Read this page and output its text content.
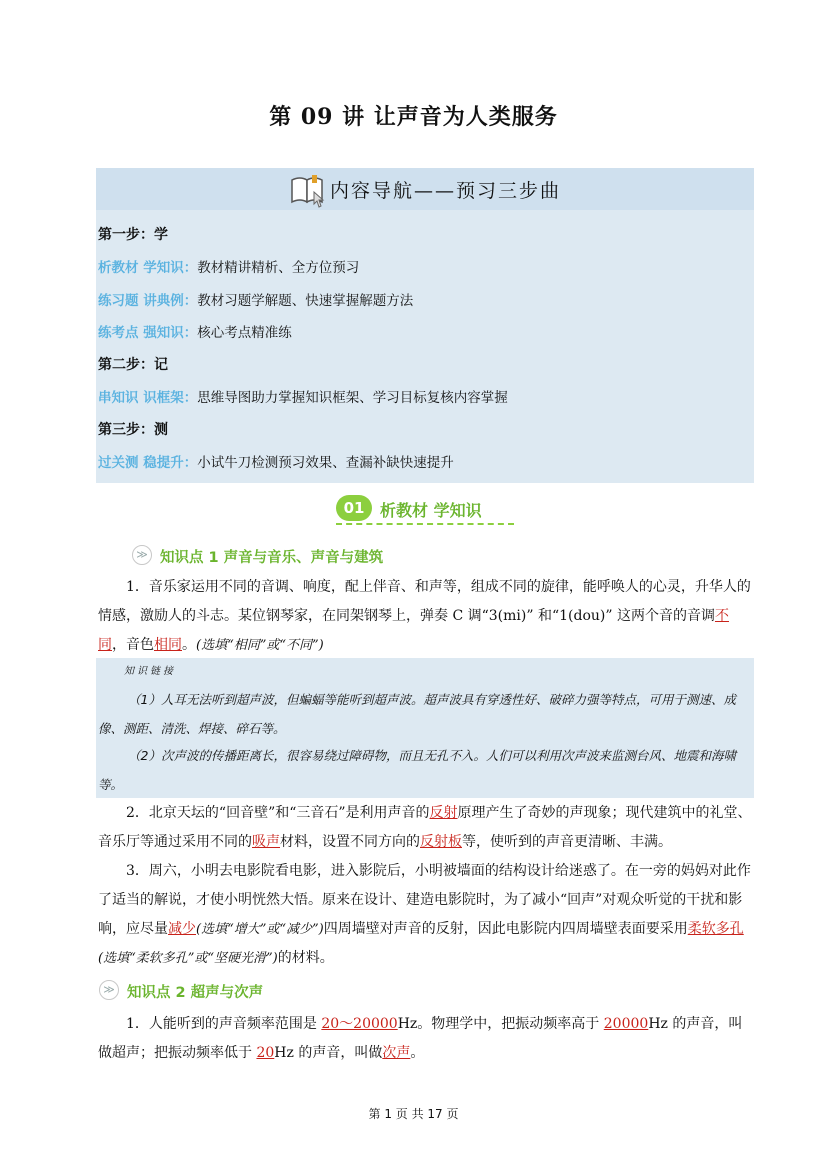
第 09 讲 让声音为人类服务
内容导航——预习三步曲
第一步：学
析教材 学知识：教材精讲精析、全方位预习
练习题 讲典例：教材习题学解题、快速掌握解题方法
练考点 强知识：核心考点精准练
第二步：记
串知识 识框架：思维导图助力掌握知识框架、学习目标复核内容掌握
第三步：测
过关测 稳提升：小试牛刀检测预习效果、查漏补缺快速提升
01 析教材 学知识
≫ 知识点 1 声音与音乐、声音与建筑

1．音乐家运用不同的音调、响度，配上伴音、和声等，组成不同的旋律，能呼唤人的心灵，升华人的情感，激励人的斗志。某位钢琴家，在同架钢琴上，弹奏 C 调“3(mi)” 和“1(dou)” 这两个音的音调不同，音色相同。(选填“相同”或“不同”)

知识链接

（1）人耳无法听到超声波，但蝙蝠等能听到超声波。超声波具有穿透性好、破碎力强等特点，可用于测速、成像、测距、清洗、焊接、碎石等。

（2）次声波的传播距离长，很容易绕过障碍物，而且无孔不入。人们可以利用次声波来监测台风、地震和海啸等。

2．北京天坛的“回音壁”和“三音石”是利用声音的反射原理产生了奇妙的声现象；现代建筑中的礼堂、音乐厅等通过采用不同的吸声材料，设置不同方向的反射板等，使听到的声音更清晰、丰满。

3．周六，小明去电影院看电影，进入影院后，小明被墙面的结构设计给迷惑了。在一旁的妈妈对此作了适当的解说，才使小明恍然大悟。原来在设计、建造电影院时，为了减小“回声”对观众听觉的干扰和影响，应尽量减少(选填“增大”或“减少”)四周墙壁对声音的反射，因此电影院内四周墙壁表面要采用柔软多孔(选填“柔软多孔”或“坚硬光滑”)的材料。

≫ 知识点 2 超声与次声

1．人能听到的声音频率范围是 20～20000Hz。物理学中，把振动频率高于 20000Hz 的声音，叫做超声；把振动频率低于 20Hz 的声音，叫做次声。

第 1 页 共 17 页
